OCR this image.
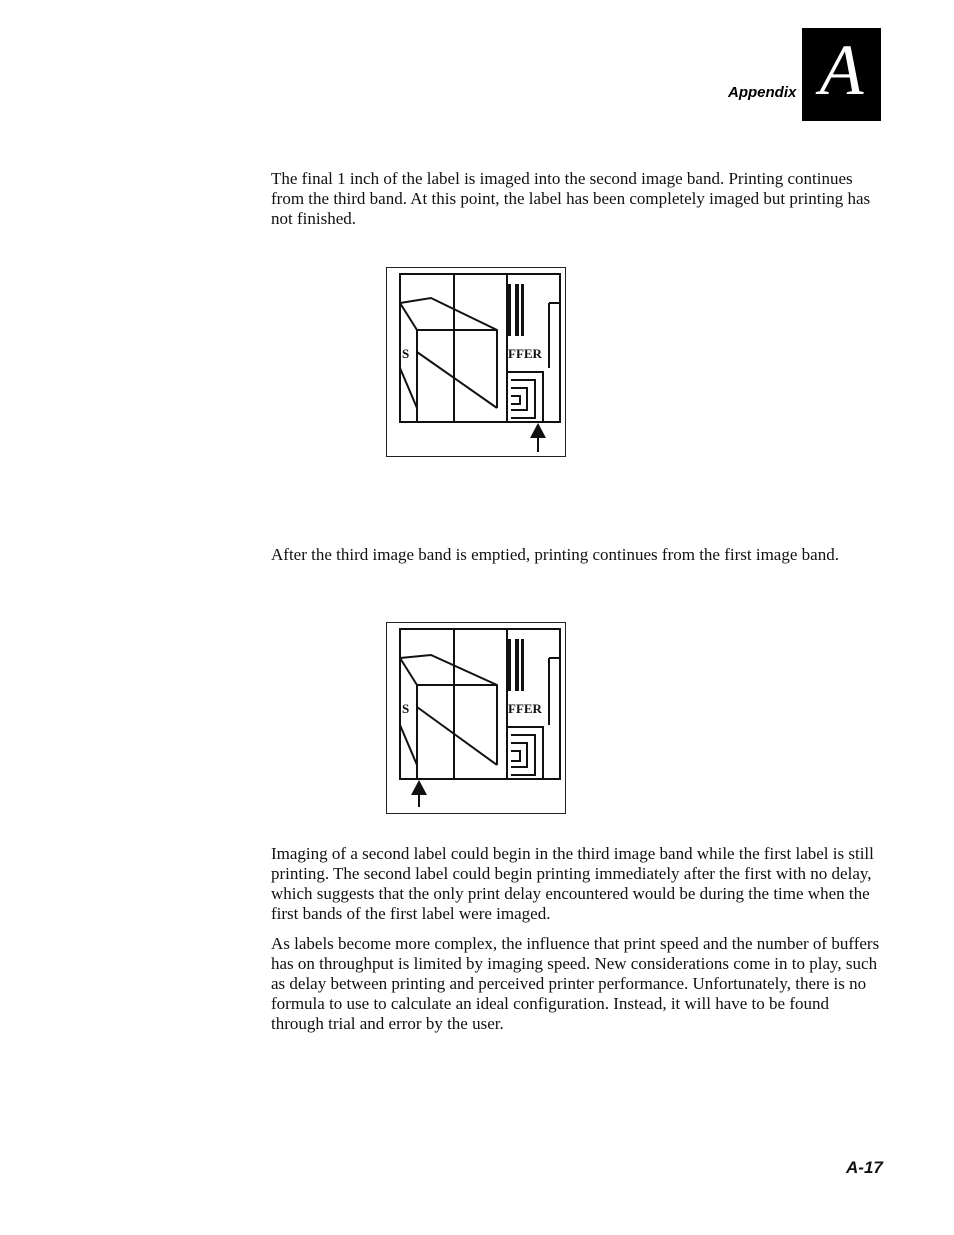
Appendix A

The final 1 inch of the label is imaged into the second image band. Printing continues from the third band. At this point, the label has been completely imaged but printing has not finished.

S	FFER

After the third image band is emptied, printing continues from the first image band.

S	FFER

Imaging of a second label could begin in the third image band while the first label is still printing. The second label could begin printing immediately after the first with no delay, which suggests that the only print delay encountered would be during the time when the first bands of the first label were imaged.

As labels become more complex, the influence that print speed and the number of buffers has on throughput is limited by imaging speed. New considerations come in to play, such as delay between printing and perceived printer performance. Unfortunately, there is no formula to use to calculate an ideal configuration. Instead, it will have to be found through trial and error by the user.

A-17
